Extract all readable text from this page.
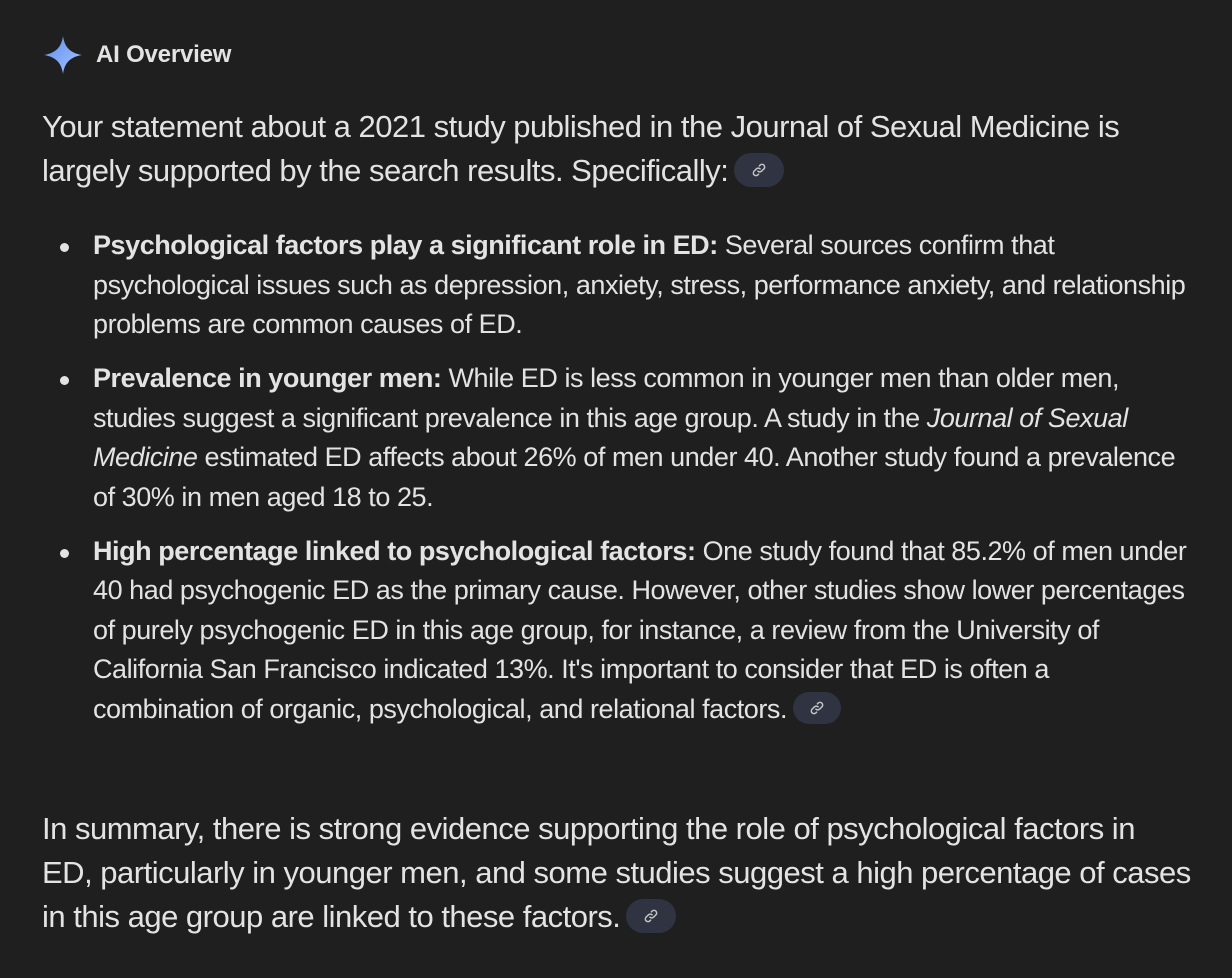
AI Overview

Your statement about a 2021 study published in the Journal of Sexual Medicine is largely supported by the search results. Specifically:

Psychological factors play a significant role in ED: Several sources confirm that psychological issues such as depression, anxiety, stress, performance anxiety, and relationship problems are common causes of ED.
Prevalence in younger men: While ED is less common in younger men than older men, studies suggest a significant prevalence in this age group. A study in the Journal of Sexual Medicine estimated ED affects about 26% of men under 40. Another study found a prevalence of 30% in men aged 18 to 25.
High percentage linked to psychological factors: One study found that 85.2% of men under 40 had psychogenic ED as the primary cause. However, other studies show lower percentages of purely psychogenic ED in this age group, for instance, a review from the University of California San Francisco indicated 13%. It's important to consider that ED is often a combination of organic, psychological, and relational factors.

In summary, there is strong evidence supporting the role of psychological factors in ED, particularly in younger men, and some studies suggest a high percentage of cases in this age group are linked to these factors.
